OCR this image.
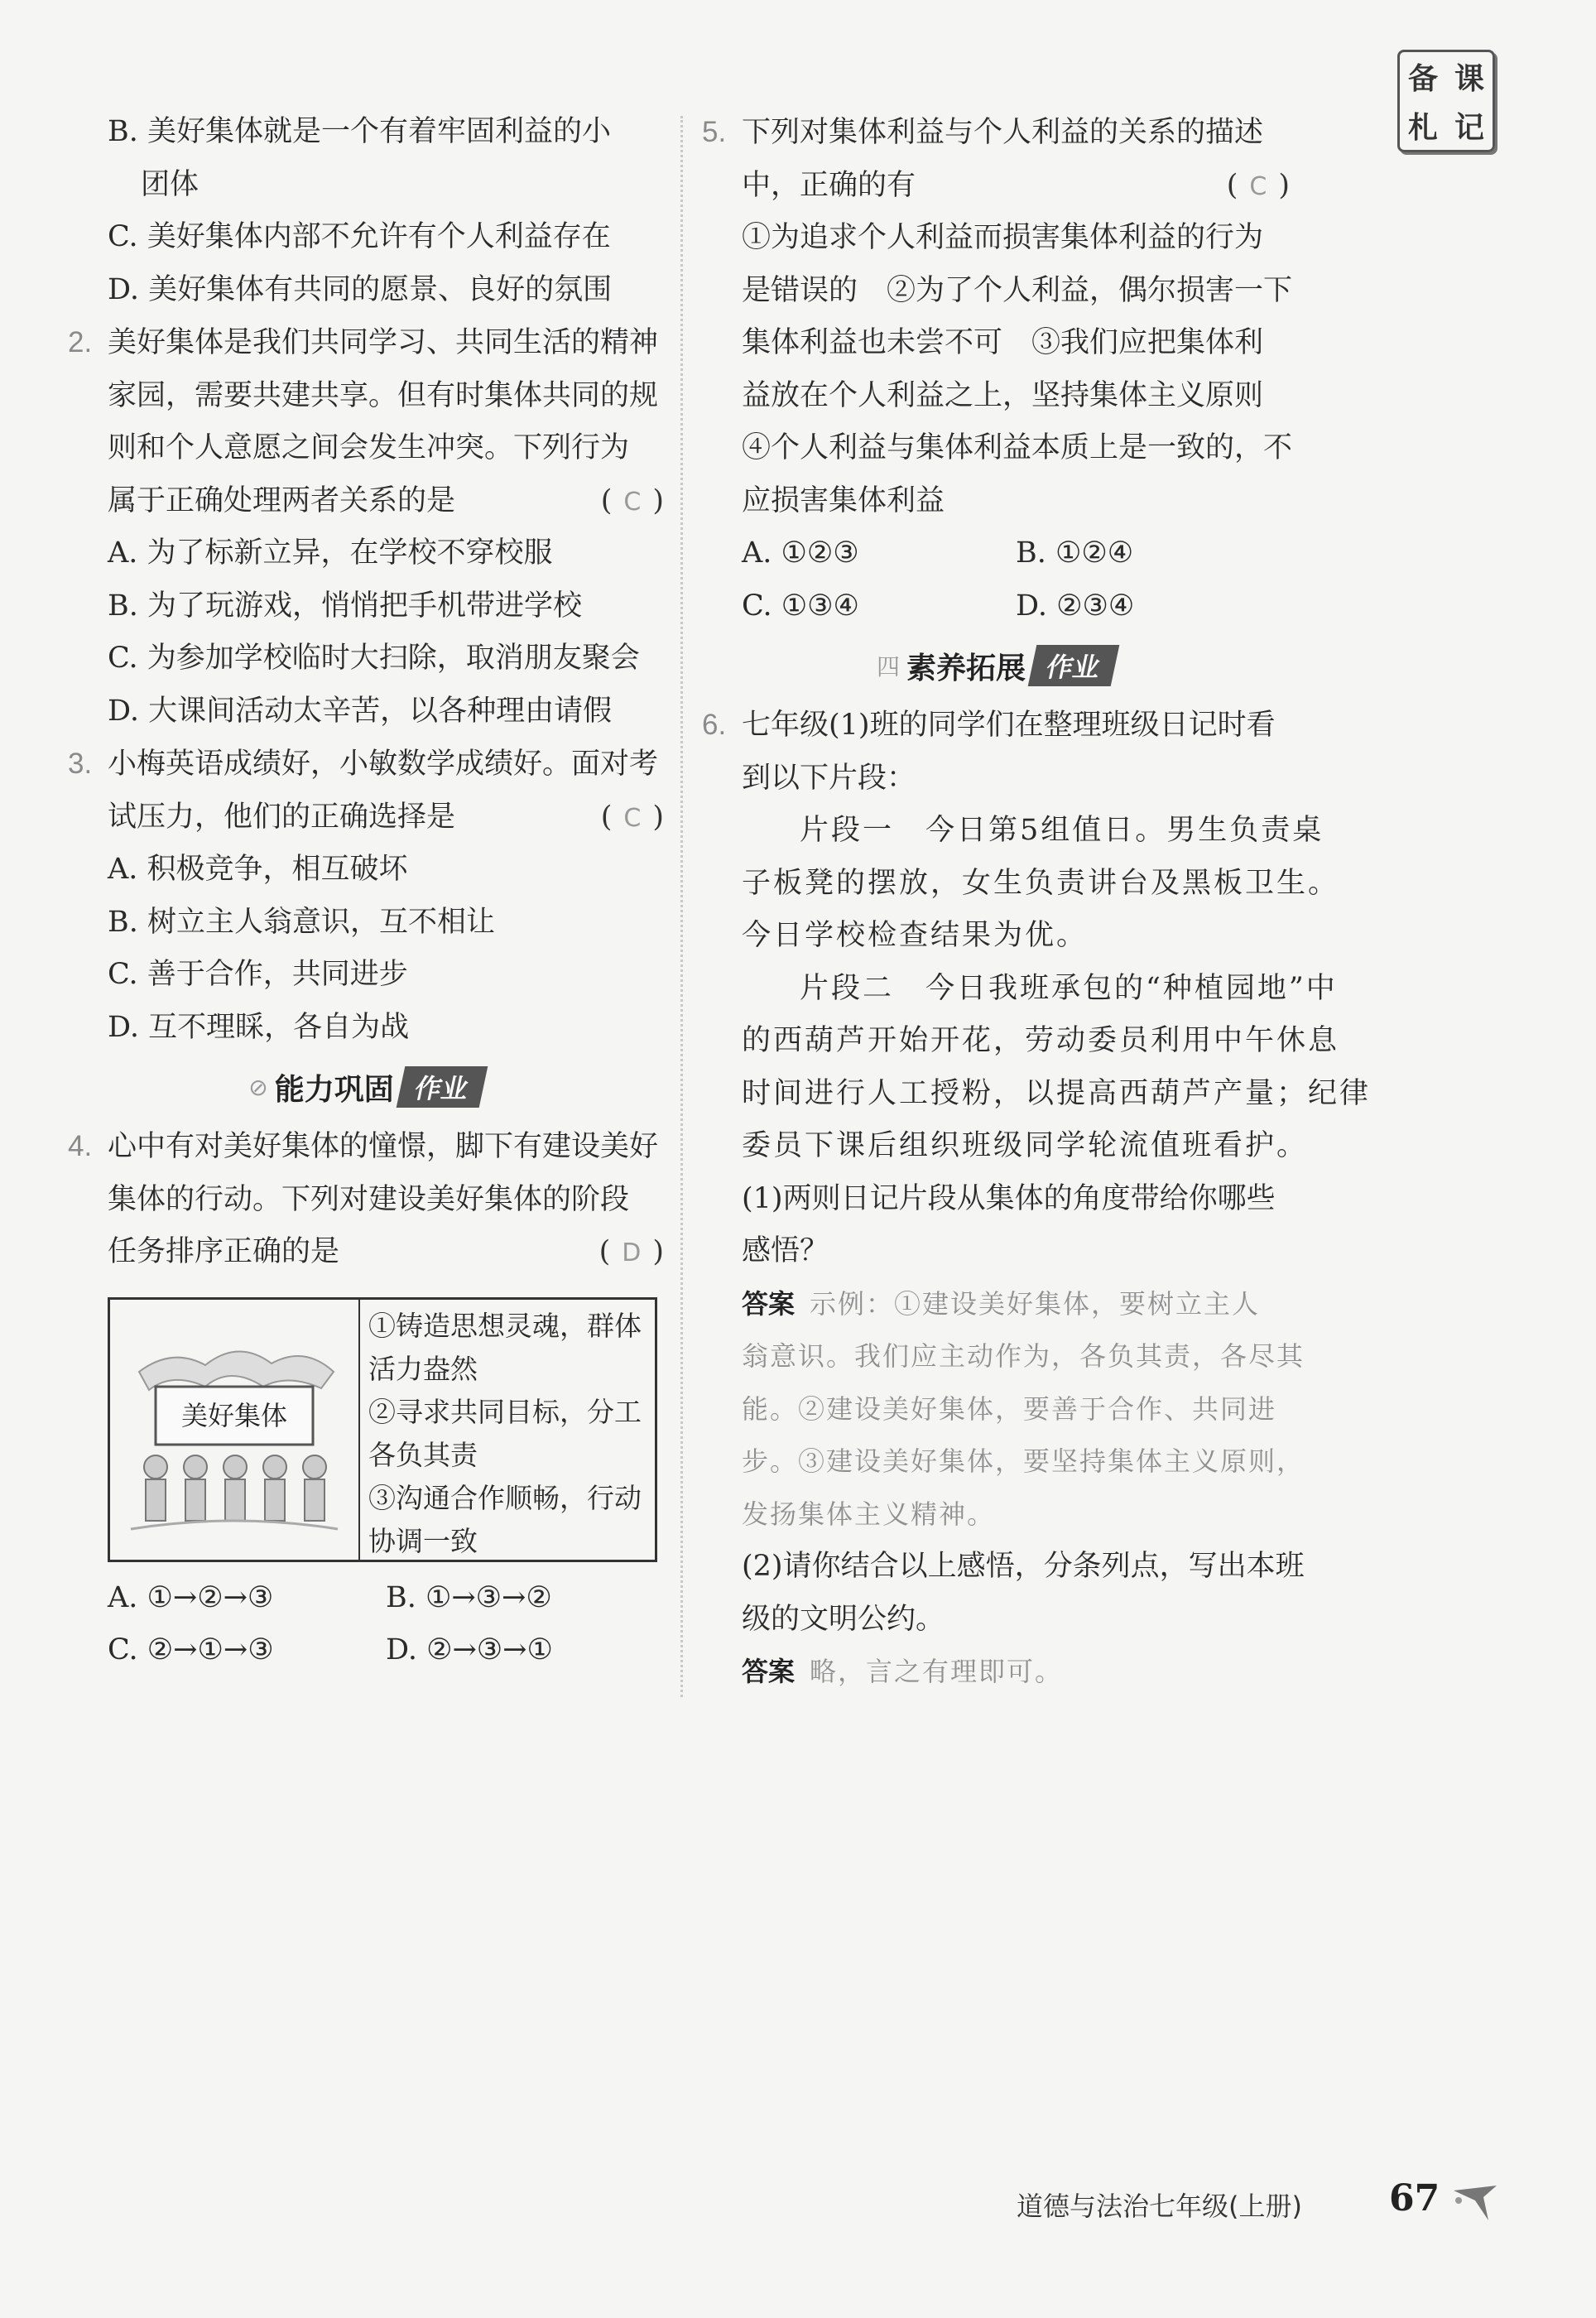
备 课
札 记
B. 美好集体就是一个有着牢固利益的小
团体
C. 美好集体内部不允许有个人利益存在
D. 美好集体有共同的愿景、良好的氛围
2. 美好集体是我们共同学习、共同生活的精神
家园，需要共建共享。但有时集体共同的规
则和个人意愿之间会发生冲突。下列行为
属于正确处理两者关系的是	( C )
A. 为了标新立异，在学校不穿校服
B. 为了玩游戏，悄悄把手机带进学校
C. 为参加学校临时大扫除，取消朋友聚会
D. 大课间活动太辛苦，以各种理由请假
3. 小梅英语成绩好，小敏数学成绩好。面对考
试压力，他们的正确选择是	( C )
A. 积极竞争，相互破坏
B. 树立主人翁意识，互不相让
C. 善于合作，共同进步
D. 互不理睬，各自为战
⊘ 能力巩固 作业
4. 心中有对美好集体的憧憬，脚下有建设美好
集体的行动。下列对建设美好集体的阶段
任务排序正确的是	( D )
美好集体
①铸造思想灵魂，群体
活力盎然
②寻求共同目标，分工
各负其责
③沟通合作顺畅，行动
协调一致
A. ①→②→③	B. ①→③→②
C. ②→①→③	D. ②→③→①
5. 下列对集体利益与个人利益的关系的描述
中，正确的有	( C )
①为追求个人利益而损害集体利益的行为
是错误的　②为了个人利益，偶尔损害一下
集体利益也未尝不可　③我们应把集体利
益放在个人利益之上，坚持集体主义原则
④个人利益与集体利益本质上是一致的，不
应损害集体利益
A. ①②③	B. ①②④
C. ①③④	D. ②③④
四 素养拓展 作业
6. 七年级(1)班的同学们在整理班级日记时看
到以下片段：
片段一　今日第5组值日。男生负责桌
子板凳的摆放，女生负责讲台及黑板卫生。
今日学校检查结果为优。
片段二　今日我班承包的“种植园地”中
的西葫芦开始开花，劳动委员利用中午休息
时间进行人工授粉，以提高西葫芦产量；纪律
委员下课后组织班级同学轮流值班看护。
(1)两则日记片段从集体的角度带给你哪些
感悟？
答案 示例：①建设美好集体，要树立主人
翁意识。我们应主动作为，各负其责，各尽其
能。②建设美好集体，要善于合作、共同进
步。③建设美好集体，要坚持集体主义原则，
发扬集体主义精神。
(2)请你结合以上感悟，分条列点，写出本班
级的文明公约。
答案 略，言之有理即可。
道德与法治七年级(上册) 67
